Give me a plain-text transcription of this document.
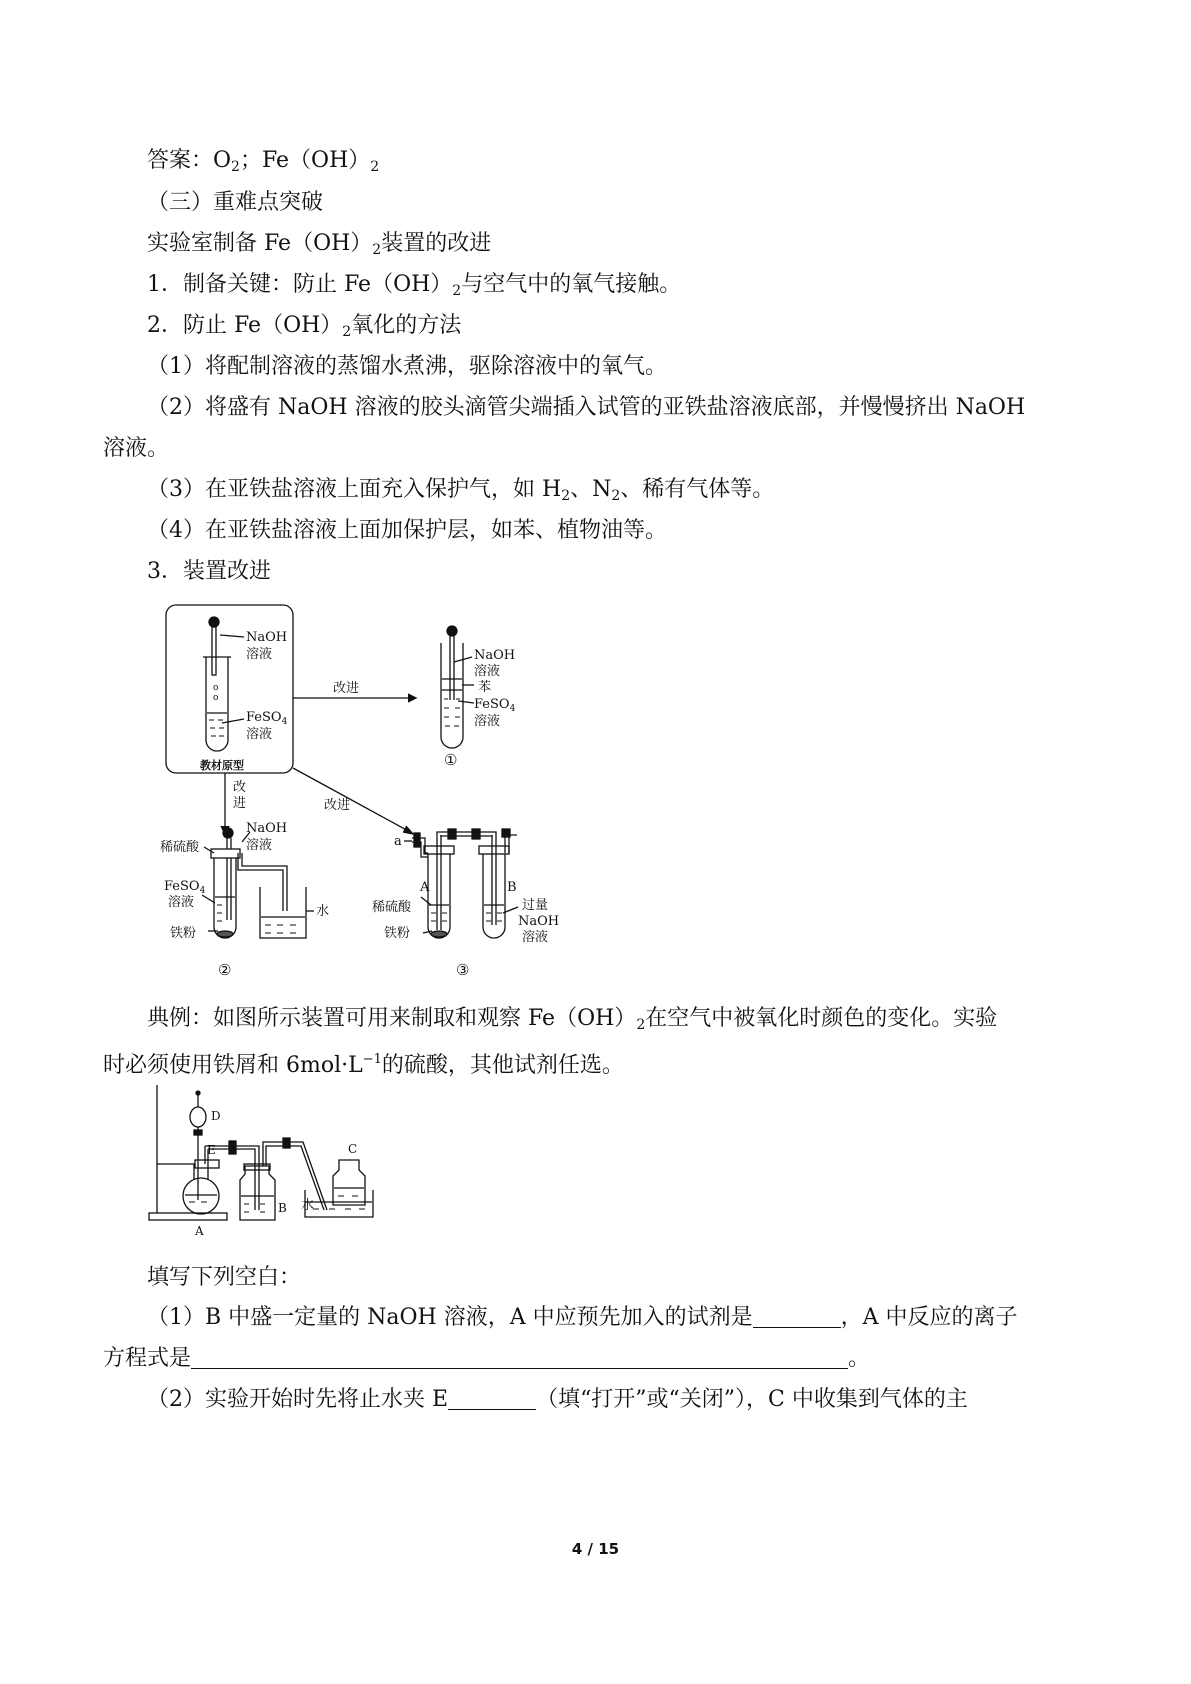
答案：$O_2$；$Fe(OH)_2$
（三）重难点突破
实验室制备 $Fe(OH)_2$装置的改进
1．制备关键：防止 $Fe(OH)_2$与空气中的氧气接触。
2．防止 $Fe(OH)_2$氧化的方法
（1）将配制溶液的蒸馏水煮沸，驱除溶液中的氧气。
（2）将盛有 NaOH 溶液的胶头滴管尖端插入试管的亚铁盐溶液底部，并慢慢挤出 NaOH
溶液。
（3）在亚铁盐溶液上面充入保护气，如 $H_2$、$N_2$、稀有气体等。
（4）在亚铁盐溶液上面加保护层，如苯、植物油等。
3．装置改进
o
o
NaOH
溶液
FeSO$_4$
溶液
教材原型
改进
改
进	改进
NaOH
溶液
苯
FeSO$_4$
溶液
①
稀硫酸
NaOH
溶液
FeSO$_4$
溶液
水
铁粉
②
a
A	B
稀硫酸
铁粉
过量
NaOH
溶液
③
典例：如图所示装置可用来制取和观察 $Fe(OH)_2$在空气中被氧化时颜色的变化。实验
时必须使用铁屑和 $6mol\cdot L^{-1}$的硫酸，其他试剂任选。
D
E	C
B
A
水
填写下列空白：
（1）B 中盛一定量的 NaOH 溶液，A 中应预先加入的试剂是	，A 中反应的离子
方程式是	。
（2）实验开始时先将止水夹 E	（填“打开”或“关闭”），C 中收集到气体的主
4 / 15
